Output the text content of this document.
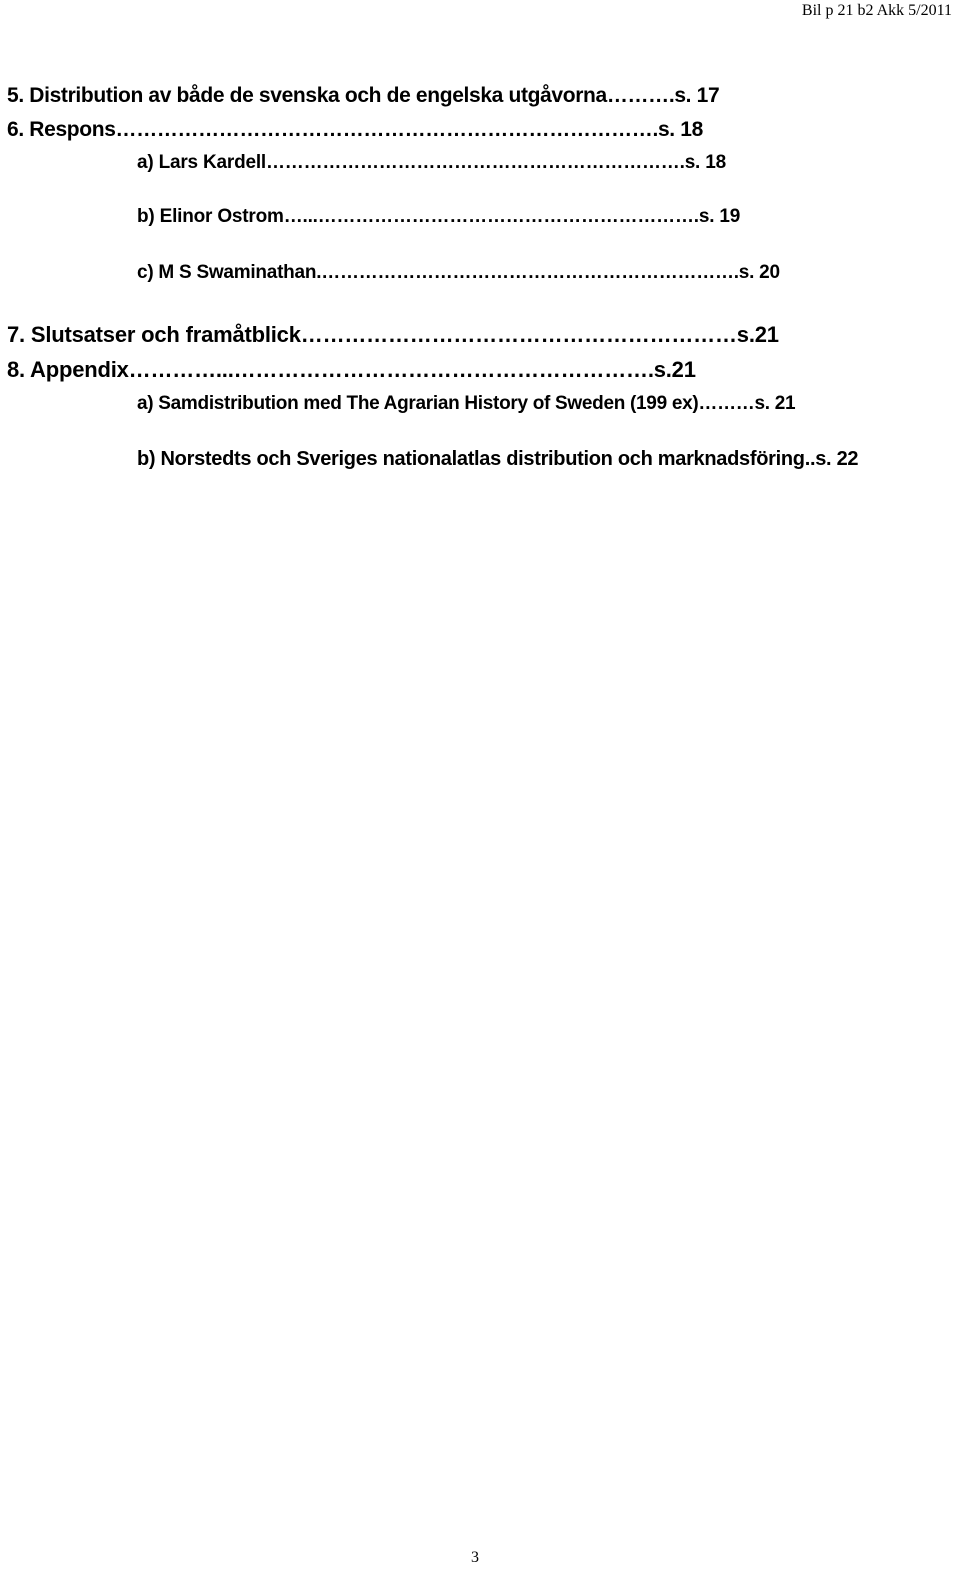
Bil p 21 b2 Akk 5/2011
5. Distribution av både de svenska och de engelska utgåvorna……….s. 17
6. Respons…………………………………………………………………….s. 18
a) Lars Kardell………………………………………………………….s. 18
b) Elinor Ostrom…...…………………………………………………….s. 19
c) M S Swaminathan.………………………………………………………….s. 20
7. Slutsatser och framåtblick……………………………………………………s.21
8. Appendix…………...………………………………………………….s.21
a) Samdistribution med The Agrarian History of Sweden (199 ex)………s. 21
b) Norstedts och Sveriges nationalatlas distribution och marknadsföring..s. 22
3
